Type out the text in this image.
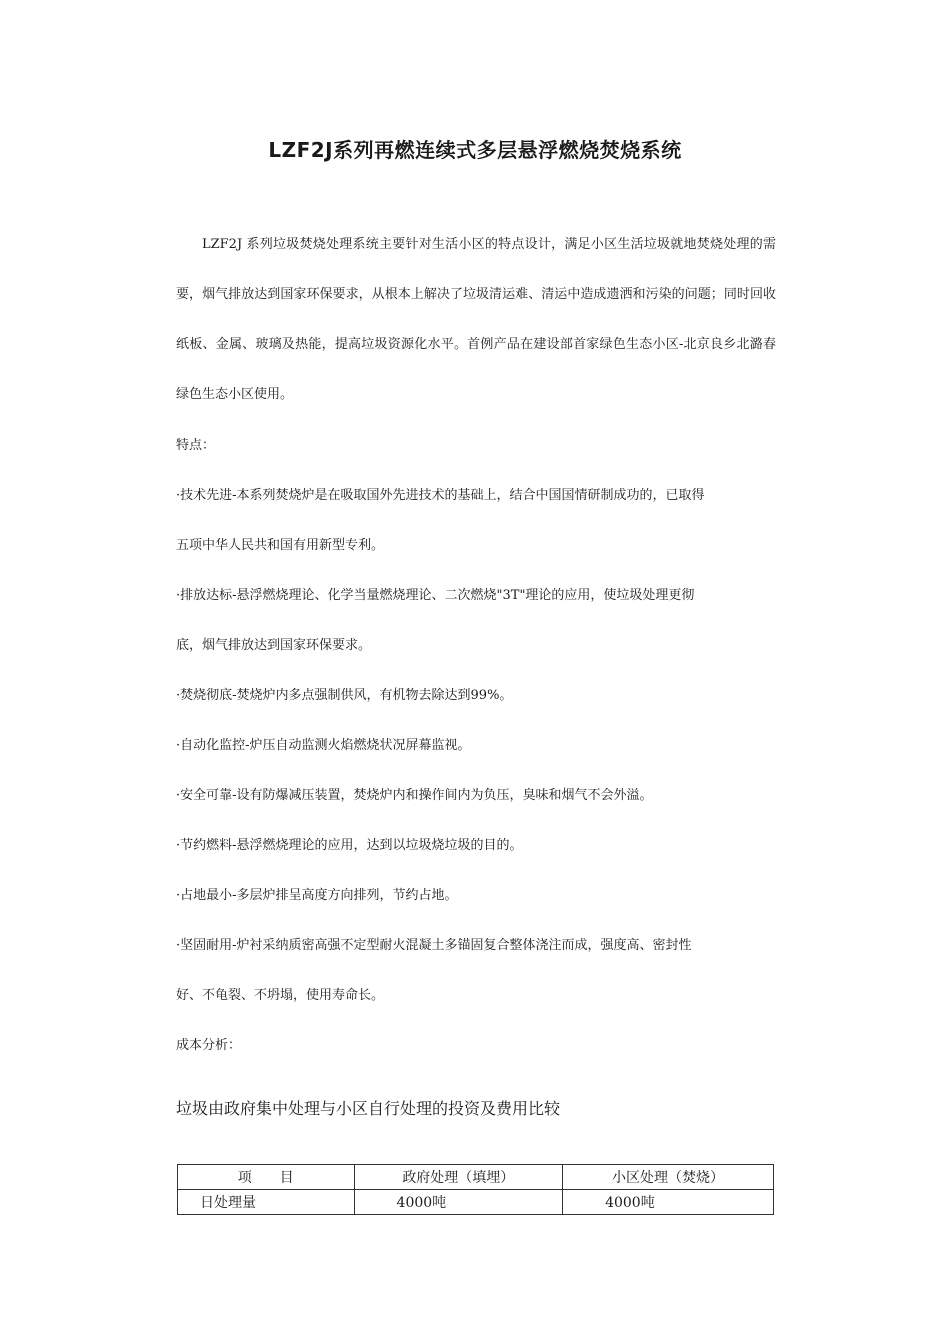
LZF2J系列再燃连续式多层悬浮燃烧焚烧系统
LZF2J 系列垃圾焚烧处理系统主要针对生活小区的特点设计，满足小区生活垃圾就地焚烧处理的需要，烟气排放达到国家环保要求，从根本上解决了垃圾清运难、清运中造成遗洒和污染的问题；同时回收纸板、金属、玻璃及热能，提高垃圾资源化水平。首例产品在建设部首家绿色生态小区-北京良乡北潞春绿色生态小区使用。
特点：
·技术先进-本系列焚烧炉是在吸取国外先进技术的基础上，结合中国国情研制成功的，已取得
五项中华人民共和国有用新型专利。
·排放达标-悬浮燃烧理论、化学当量燃烧理论、二次燃烧"3T"理论的应用，使垃圾处理更彻
底，烟气排放达到国家环保要求。
·焚烧彻底-焚烧炉内多点强制供风，有机物去除达到99%。
·自动化监控-炉压自动监测火焰燃烧状况屏幕监视。
·安全可靠-设有防爆减压装置，焚烧炉内和操作间内为负压，臭味和烟气不会外溢。
·节约燃料-悬浮燃烧理论的应用，达到以垃圾烧垃圾的目的。
·占地最小-多层炉排呈高度方向排列，节约占地。
·坚固耐用-炉衬采纳质密高强不定型耐火混凝土多锚固复合整体浇注而成，强度高、密封性
好、不龟裂、不坍塌，使用寿命长。
成本分析：
垃圾由政府集中处理与小区自行处理的投资及费用比较
项　　目	政府处理（填埋）	小区处理（焚烧）
日处理量	4000吨	4000吨
